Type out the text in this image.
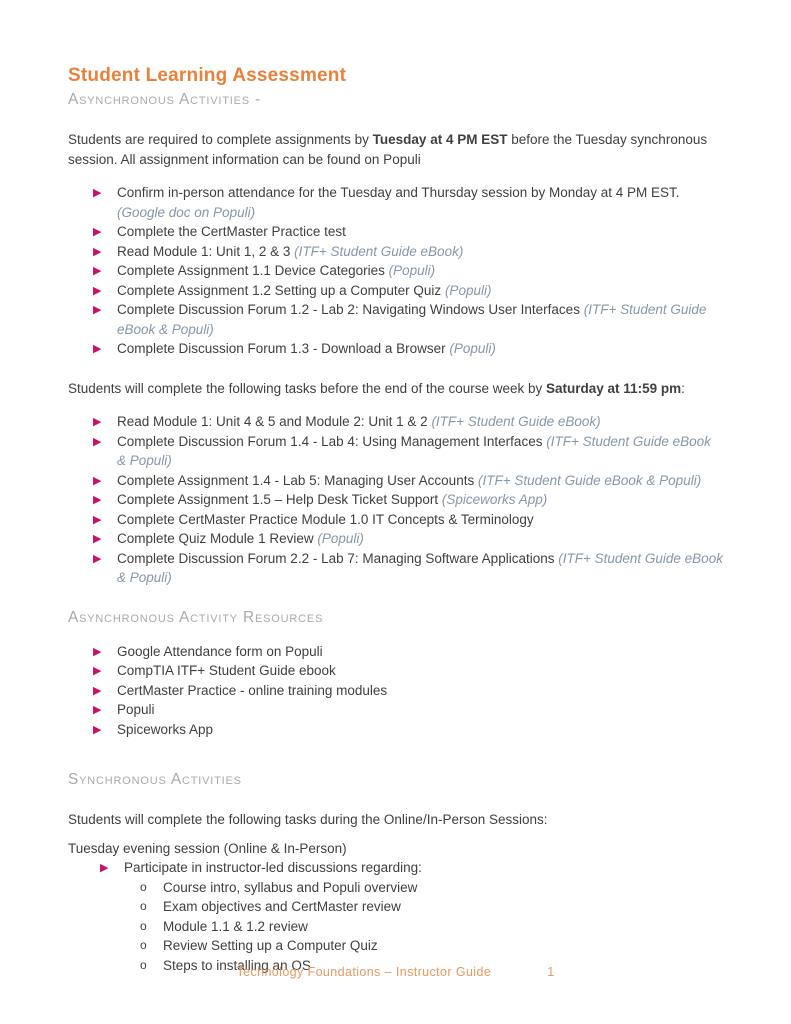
Student Learning Assessment
Asynchronous Activities -

Students are required to complete assignments by Tuesday at 4 PM EST before the Tuesday synchronous session. All assignment information can be found on Populi

▶ Confirm in-person attendance for the Tuesday and Thursday session by Monday at 4 PM EST. (Google doc on Populi)
▶ Complete the CertMaster Practice test
▶ Read Module 1: Unit 1, 2 & 3 (ITF+ Student Guide eBook)
▶ Complete Assignment 1.1 Device Categories (Populi)
▶ Complete Assignment 1.2 Setting up a Computer Quiz (Populi)
▶ Complete Discussion Forum 1.2 - Lab 2: Navigating Windows User Interfaces (ITF+ Student Guide eBook & Populi)
▶ Complete Discussion Forum 1.3 - Download a Browser (Populi)

Students will complete the following tasks before the end of the course week by Saturday at 11:59 pm:

▶ Read Module 1: Unit 4 & 5 and Module 2: Unit 1 & 2 (ITF+ Student Guide eBook)
▶ Complete Discussion Forum 1.4 - Lab 4: Using Management Interfaces (ITF+ Student Guide eBook & Populi)
▶ Complete Assignment 1.4 - Lab 5: Managing User Accounts (ITF+ Student Guide eBook & Populi)
▶ Complete Assignment 1.5 – Help Desk Ticket Support (Spiceworks App)
▶ Complete CertMaster Practice Module 1.0 IT Concepts & Terminology
▶ Complete Quiz Module 1 Review (Populi)
▶ Complete Discussion Forum 2.2 - Lab 7: Managing Software Applications (ITF+ Student Guide eBook & Populi)
Asynchronous Activity Resources
▶ Google Attendance form on Populi
▶ CompTIA ITF+ Student Guide ebook
▶ CertMaster Practice - online training modules
▶ Populi
▶ Spiceworks App
Synchronous Activities

Students will complete the following tasks during the Online/In-Person Sessions:

Tuesday evening session (Online & In-Person)

▶ Participate in instructor-led discussions regarding:
o Course intro, syllabus and Populi overview
o Exam objectives and CertMaster review
o Module 1.1 & 1.2 review
o Review Setting up a Computer Quiz
o Steps to installing an OS
Technology Foundations – Instructor Guide	1
